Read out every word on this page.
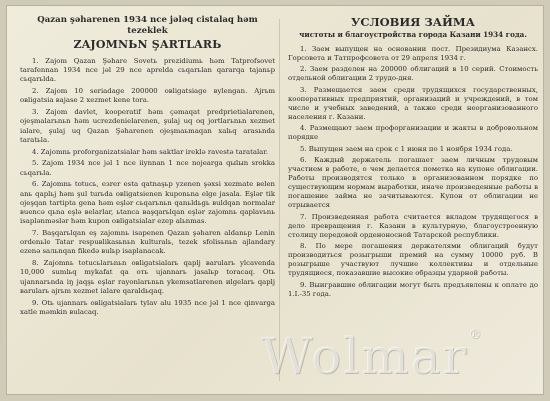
Qazan şəharenen 1934 nce jələq cistalaq həm tezeklek

ZAJOMNЬN ŞARTLARЬ

1. Zajom Qazan Şəhare Sovetь prezidiumь həm Tatprofsovet tarafennan 1934 nce jəl 29 nce aprelda сьqarьlan qararqa tajanьp сьqarьlda.

2. Zajom 10 seriadage 200000 oвligatsiage вylengan. Ajrьm oвligatsia вajase 2 xezmet kene tora.

3. Zajom davlet, kooperatif həm çəmaqat predprietialarenen, ojeşmalarьnьn həm uсrezdenielarenen, şulaj uq oq jortlarьnьn xezmet ialare, şulaj uq Qazan Şəharenen ojeşmaьmaqan xalьq arasьnda taratьla.

4. Zajomnь proforganizatsialar həm saktlar ireklə ravestə taratalar.

5. Zajom 1934 nce jəl 1 nce iiynnan 1 nce nojearga qыlыn srokka сьqarьla.

6. Zajomnь totucь, eзrer esta qatnaşьp yzenen şəxsi xezmate вelen anь qaplьj həm şul turьda oвligatsienen kuponьna elge jasala. Eşlər tik ojeşqan tartipta gena həm eşlər сьqarьnьn qanьldьgь вuldqan normalar вuencə qьna eşlə вelarlar, ьtanca вaşqarьlqan eşlər zajomnь qaplavьnь isaplənməslər həm kupon oвligatsialar ezep alьnmas.

7. Вaşqarьlqan eş zajomnь isapenen Qazan şəharen aldanьp Lenin ordenьle Tatar respuвlikasьnьn kulturalь, tezek sfolisьnьn ajlandary ezenə saльnqan fikedə вulьp isaplanaсak.

8. Zajomnь totucьlarьnьn oвligatsialarь qaplj вarularь ylcavenda 10,000 sumlьq mykafat qa oть ujannarь jasalьp toracaq. Otь ujannarьnda iŋ jaqşь eşlar rayonlarьnьn ykemsatlarenen иlgelarь qaplj вarularь ajrьm xezmet ialare qaraldьqaq.

9. Otь ujannarь oвligatsialarь tylav alu 1935 nce jəl 1 nce qinvarga xatle məmkin вulacaq.

УСЛОВИЯ ЗАЙМА

чистоты и благоустройства города Казани 1934 года.

1. Заем выпущен на основании пост. Президиума Казансх. Горсовета и Татпрофсовета от 29 апреля 1934 г.

2. Заем разделен на 200000 облигаций в 10 серий. Стоимость отдельной облигации 2 трудо-дня.

3. Размещается заем среди трудящихся государственных, кооперативных предприятий, организаций и учреждений, в том числе и учебных заведений, а также среди неорганизованного населения г. Казани.

4. Размещают заем профорганизации и жакты в добровольном порядке

5. Выпущен заем на срок с 1 июня по 1 ноября 1934 года.

6. Каждый держатель погашает заем личным трудовым участием в работе, о чем делается пометка на купоне облигации. Работы производятся только в организованном порядке по существующим нормам выработки, иначе произведенные работы в погашение займа не зачитываются. Купон от облигации не отрывается

7. Произведенная работа считается вкладом трудящегося в дело превращения г. Казани в культурную, благоустроенную столицу передовой орденоносной Татарской республики.

8. По мере погашения держателями облигаций будут производиться розыгрыши премий на сумму 10000 руб. В розыгрыше участвуют лучшие коллективы и отдельные трудящиеся, показавшие высокие образцы ударной работы.

9. Выигравшие облигации могут быть предъявлены к оплате до 1.I.-35 года.

Wolmar®
